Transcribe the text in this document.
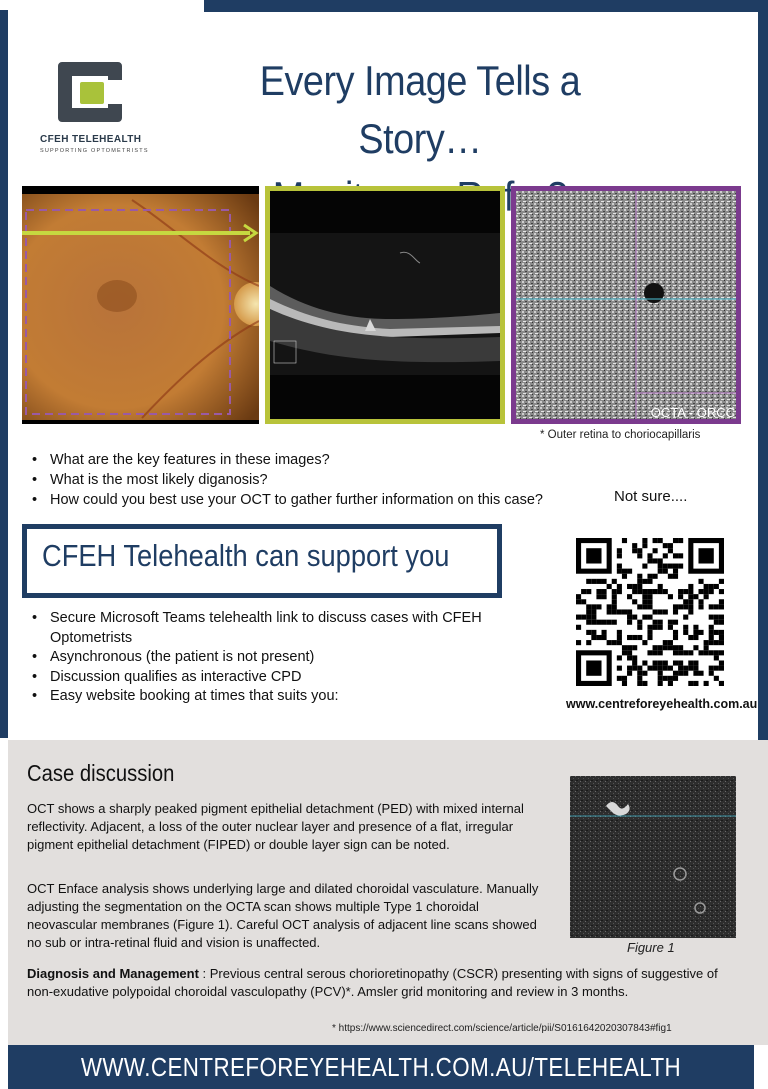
CFEH TELEHEALTH
SUPPORTING OPTOMETRISTS
Every Image Tells a Story…
OCTA - ORCC
* Outer retina to choriocapillaris
• What are the key features in these images?
• What is the most likely diganosis?
• How could you best use your OCT to gather further information on this case?	Not sure....
CFEH Telehealth can support you
www.centreforeyehealth.com.au
• Secure Microsoft Teams telehealth link to discuss cases with CFEH Optometrists
• Asynchronous (the patient is not present)
• Discussion qualifies as interactive CPD
• Easy website booking at times that suits you:
Case discussion
OCT shows a sharply peaked pigment epithelial detachment (PED) with mixed internal reflectivity. Adjacent, a loss of the outer nuclear layer and presence of a flat, irregular pigment epithelial detachment (FIPED) or double layer sign can be noted.
OCT Enface analysis shows underlying large and dilated choroidal vasculature. Manually adjusting the segmentation on the OCTA scan shows multiple Type 1 choroidal neovascular membranes (Figure 1). Careful OCT analysis of adjacent line scans showed no sub or intra-retinal fluid and vision is unaffected.
Diagnosis and Management : Previous central serous chorioretinopathy (CSCR) presenting with signs of suggestive of non-exudative polypoidal choroidal vasculopathy (PCV)*. Amsler grid monitoring and review in 3 months.
Figure 1
* https://www.sciencedirect.com/science/article/pii/S0161642020307843#fig1
WWW.CENTREFOREYEHEALTH.COM.AU/TELEHEALTH
